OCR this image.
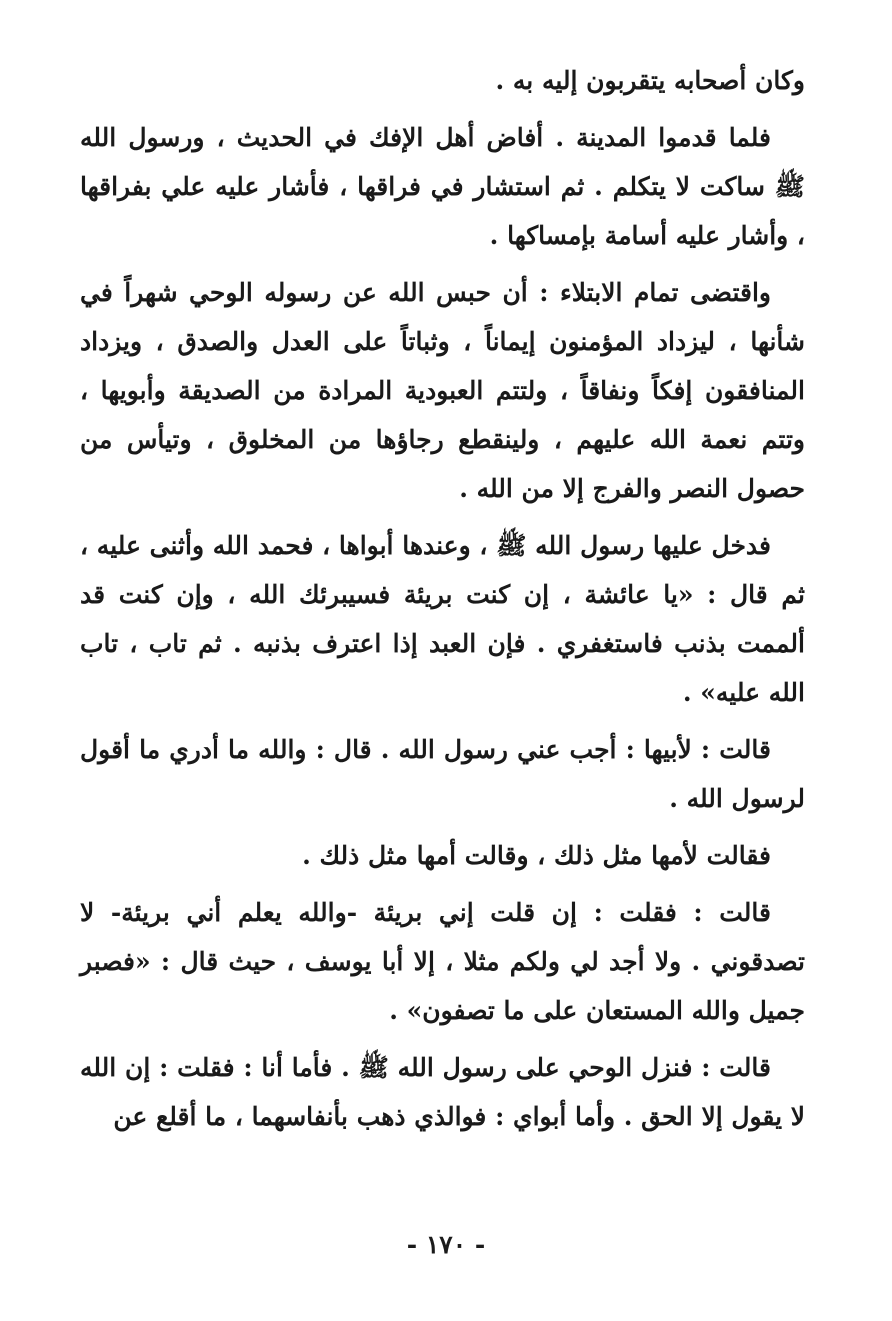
وكان أصحابه يتقربون إليه به .

فلما قدموا المدينة . أفاض أهل الإفك في الحديث ، ورسول الله ﷺ ساكت لا يتكلم . ثم استشار في فراقها ، فأشار عليه علي بفراقها ، وأشار عليه أسامة بإمساكها .

واقتضى تمام الابتلاء : أن حبس الله عن رسوله الوحي شهراً في شأنها ، ليزداد المؤمنون إيماناً ، وثباتاً على العدل والصدق ، ويزداد المنافقون إفكاً ونفاقاً ، ولتتم العبودية المرادة من الصديقة وأبويها ، وتتم نعمة الله عليهم ، ولينقطع رجاؤها من المخلوق ، وتيأس من حصول النصر والفرج إلا من الله .

فدخل عليها رسول الله ﷺ ، وعندها أبواها ، فحمد الله وأثنى عليه ، ثم قال : «يا عائشة ، إن كنت بريئة فسيبرئك الله ، وإن كنت قد ألممت بذنب فاستغفري . فإن العبد إذا اعترف بذنبه . ثم تاب ، تاب الله عليه» .

قالت : لأبيها : أجب عني رسول الله . قال : والله ما أدري ما أقول لرسول الله .

فقالت لأمها مثل ذلك ، وقالت أمها مثل ذلك .

قالت : فقلت : إن قلت إني بريئة -والله يعلم أني بريئة- لا تصدقوني . ولا أجد لي ولكم مثلا ، إلا أبا يوسف ، حيث قال : «فصبر جميل والله المستعان على ما تصفون» .

قالت : فنزل الوحي على رسول الله ﷺ . فأما أنا : فقلت : إن الله لا يقول إلا الحق . وأما أبواي : فوالذي ذهب بأنفاسهما ، ما أقلع عن

- ١٧٠ -
